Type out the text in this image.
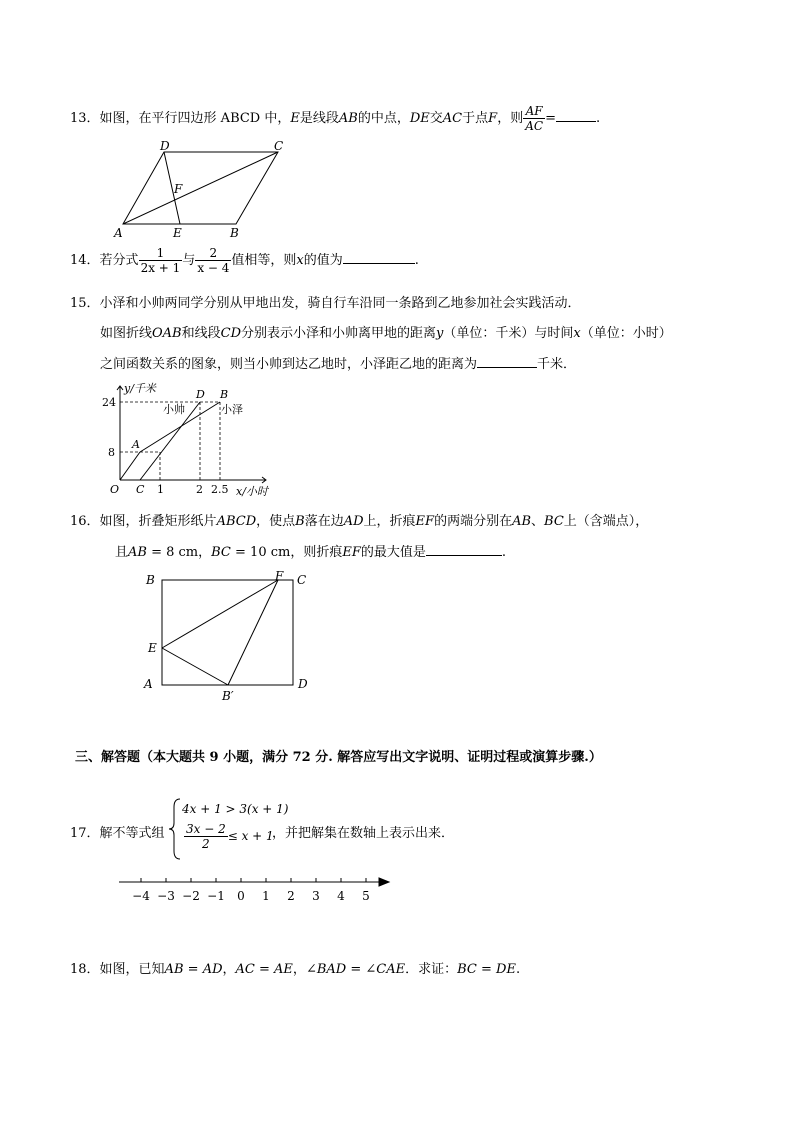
13．如图，在平行四边形 ABCD 中，E是线段AB的中点，DE交AC于点F，则 $\frac{AF}{AC}$ =	.
D	C
F
A	E	B
14．若分式 $\frac{1}{2x + 1}$ 与 $\frac{2}{x - 4}$ 值相等，则x的值为	.
15．小泽和小帅两同学分别从甲地出发，骑自行车沿同一条路到乙地参加社会实践活动．
如图折线OAB和线段CD分别表示小泽和小帅离甲地的距离y（单位：千米）与时间x（单位：小时）
之间函数关系的图象，则当小帅到达乙地时，小泽距乙地的距离为	千米．
y/千米
24
8
O C 1	2 2.5 x/小时
A
D B
小帅	小泽
16．如图，折叠矩形纸片ABCD，使点B落在边AD上，折痕EF的两端分别在AB、BC上（含端点），
且AB = 8 cm，BC = 10 cm，则折痕EF的最大值是	.
B	F C
E
A
B′
D
三、解答题（本大题共 9 小题，满分 72 分. 解答应写出文字说明、证明过程或演算步骤.）
17．解不等式组
4x + 1 > 3(x + 1)
$\frac{3x - 2}{2} \le x + 1$
，并把解集在数轴上表示出来．
−4 −3 −2 −1 0 1 2 3 4 5
18．如图，已知AB = AD，AC = AE，∠BAD = ∠CAE．求证：BC = DE.
